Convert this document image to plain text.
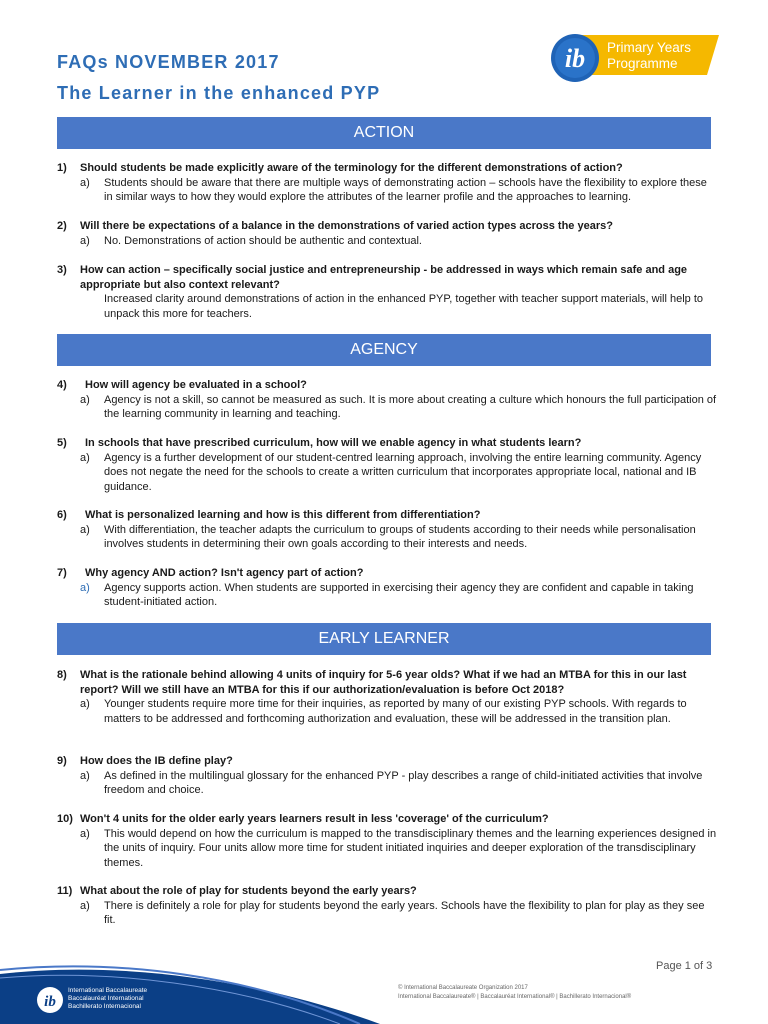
FAQs NOVEMBER 2017
The Learner in the enhanced PYP
ib Primary Years
Programme
ACTION
1) Should students be made explicitly aware of the terminology for the different demonstrations of action?
a) Students should be aware that there are multiple ways of demonstrating action – schools have the flexibility to explore these in similar ways to how they would explore the attributes of the learner profile and the approaches to learning.
2) Will there be expectations of a balance in the demonstrations of varied action types across the years?
a) No. Demonstrations of action should be authentic and contextual.
3) How can action – specifically social justice and entrepreneurship - be addressed in ways which remain safe and age appropriate but also context relevant?
Increased clarity around demonstrations of action in the enhanced PYP, together with teacher support materials, will help to unpack this more for teachers.
AGENCY
4) How will agency be evaluated in a school?
a) Agency is not a skill, so cannot be measured as such. It is more about creating a culture which honours the full participation of the learning community in learning and teaching.
5) In schools that have prescribed curriculum, how will we enable agency in what students learn?
a) Agency is a further development of our student-centred learning approach, involving the entire learning community. Agency does not negate the need for the schools to create a written curriculum that incorporates appropriate local, national and IB guidance.
6) What is personalized learning and how is this different from differentiation?
a) With differentiation, the teacher adapts the curriculum to groups of students according to their needs while personalisation involves students in determining their own goals according to their interests and needs.
7) Why agency AND action? Isn't agency part of action?
a) Agency supports action. When students are supported in exercising their agency they are confident and capable in taking student-initiated action.
EARLY LEARNER
8) What is the rationale behind allowing 4 units of inquiry for 5-6 year olds? What if we had an MTBA for this in our last report? Will we still have an MTBA for this if our authorization/evaluation is before Oct 2018?
a) Younger students require more time for their inquiries, as reported by many of our existing PYP schools. With regards to matters to be addressed and forthcoming authorization and evaluation, these will be addressed in the transition plan.
9) How does the IB define play?
a) As defined in the multilingual glossary for the enhanced PYP - play describes a range of child-initiated activities that involve freedom and choice.
10) Won't 4 units for the older early years learners result in less 'coverage' of the curriculum?
a) This would depend on how the curriculum is mapped to the transdisciplinary themes and the learning experiences designed in the units of inquiry. Four units allow more time for student initiated inquiries and deeper exploration of the transdisciplinary themes.
11) What about the role of play for students beyond the early years?
a) There is definitely a role for play for students beyond the early years. Schools have the flexibility to plan for play as they see fit.
ib
International Baccalaureate
Baccalauréat International
Bachillerato Internacional
Page 1 of 3
© International Baccalaureate Organization 2017
International Baccalaureate® | Baccalauréat International® | Bachillerato Internacional®
